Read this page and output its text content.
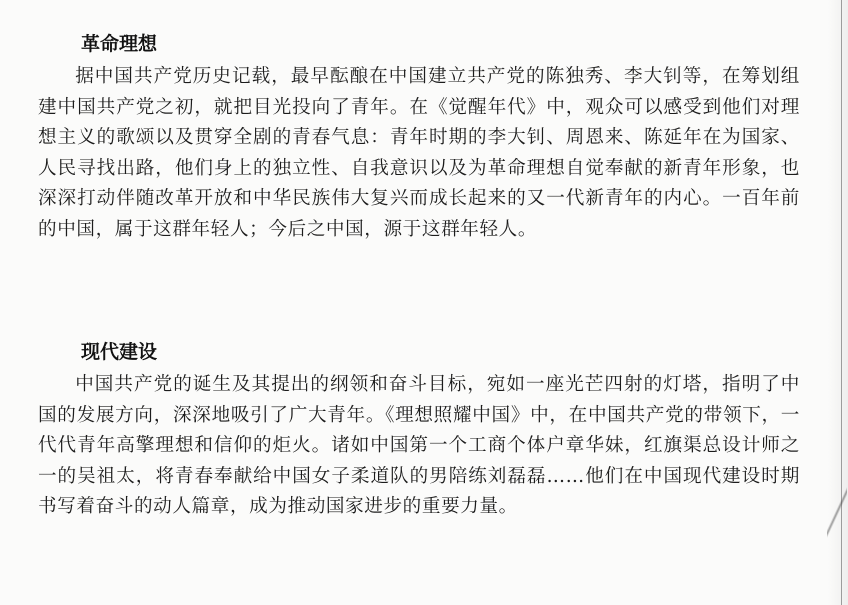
革命理想

据中国共产党历史记载，最早酝酿在中国建立共产党的陈独秀、李大钊等，在筹划组建中国共产党之初，就把目光投向了青年。在《觉醒年代》中，观众可以感受到他们对理想主义的歌颂以及贯穿全剧的青春气息：青年时期的李大钊、周恩来、陈延年在为国家、人民寻找出路，他们身上的独立性、自我意识以及为革命理想自觉奉献的新青年形象，也深深打动伴随改革开放和中华民族伟大复兴而成长起来的又一代新青年的内心。一百年前的中国，属于这群年轻人；今后之中国，源于这群年轻人。

现代建设

中国共产党的诞生及其提出的纲领和奋斗目标，宛如一座光芒四射的灯塔，指明了中国的发展方向，深深地吸引了广大青年。《理想照耀中国》中，在中国共产党的带领下，一代代青年高擎理想和信仰的炬火。诸如中国第一个工商个体户章华妹，红旗渠总设计师之一的吴祖太，将青春奉献给中国女子柔道队的男陪练刘磊磊……他们在中国现代建设时期书写着奋斗的动人篇章，成为推动国家进步的重要力量。
